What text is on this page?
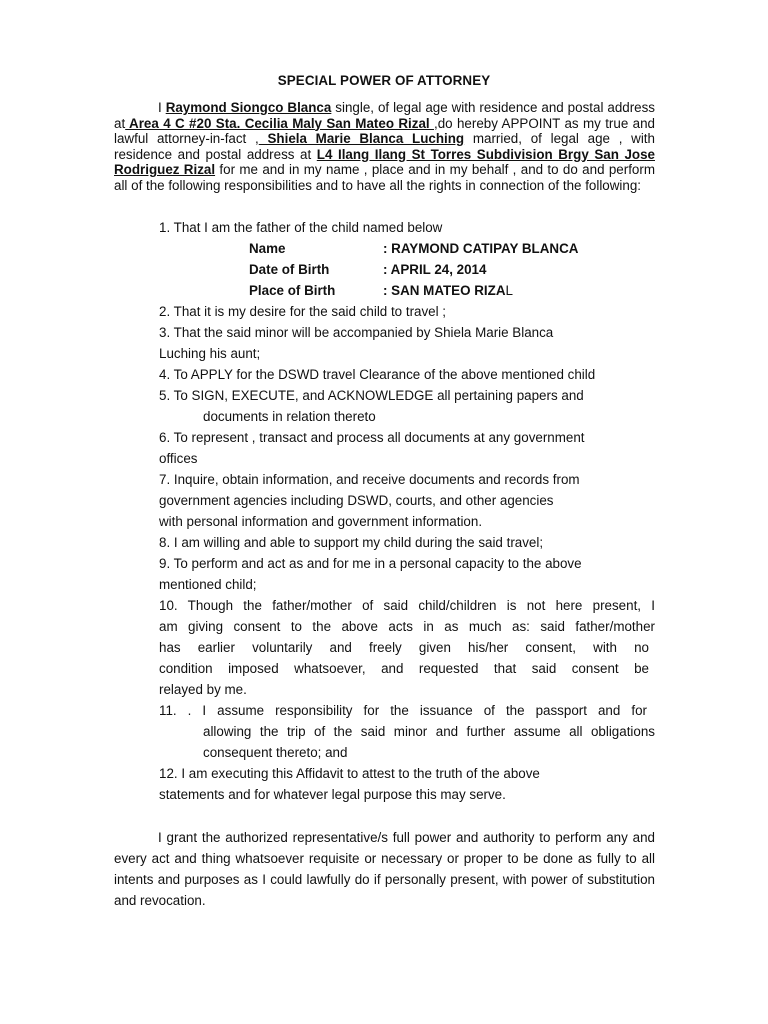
SPECIAL POWER OF ATTORNEY
I Raymond Siongco Blanca single, of legal age with residence and postal address at Area 4 C #20 Sta. Cecilia Maly San Mateo Rizal ,do hereby APPOINT as my true and lawful attorney-in-fact , Shiela Marie Blanca Luching married, of legal age , with residence and postal address at L4 Ilang Ilang St Torres Subdivision Brgy San Jose Rodriguez Rizal for me and in my name , place and in my behalf , and to do and perform all of the following responsibilities and to have all the rights in connection of the following:
1. That I am the father of the child named below
Name	: RAYMOND CATIPAY BLANCA
Date of Birth	: APRIL 24, 2014
Place of Birth	: SAN MATEO RIZAL
2. That it is my desire for the said child to travel ;
3. That the said minor will be accompanied by Shiela Marie Blanca
Luching his aunt;
4. To APPLY for the DSWD travel Clearance of the above mentioned child
5. To SIGN, EXECUTE, and ACKNOWLEDGE all pertaining papers and
documents in relation thereto
6. To represent , transact and process all documents at any government
offices
7. Inquire, obtain information, and receive documents and records from
government agencies including DSWD, courts, and other agencies
with personal information and government information.
8. I am willing and able to support my child during the said travel;
9. To perform and act as and for me in a personal capacity to the above
mentioned child;
10. Though the father/mother of said child/children is not here present, I
am giving consent to the above acts in as much as: said father/mother
has earlier voluntarily and freely given his/her consent, with no
condition imposed whatsoever, and requested that said consent be
relayed by me.
11. . I assume responsibility for the issuance of the passport and for
allowing the trip of the said minor and further assume all obligations
consequent thereto; and
12. I am executing this Affidavit to attest to the truth of the above
statements and for whatever legal purpose this may serve.
I grant the authorized representative/s full power and authority to perform any and every act and thing whatsoever requisite or necessary or proper to be done as fully to all intents and purposes as I could lawfully do if personally present, with power of substitution and revocation.
